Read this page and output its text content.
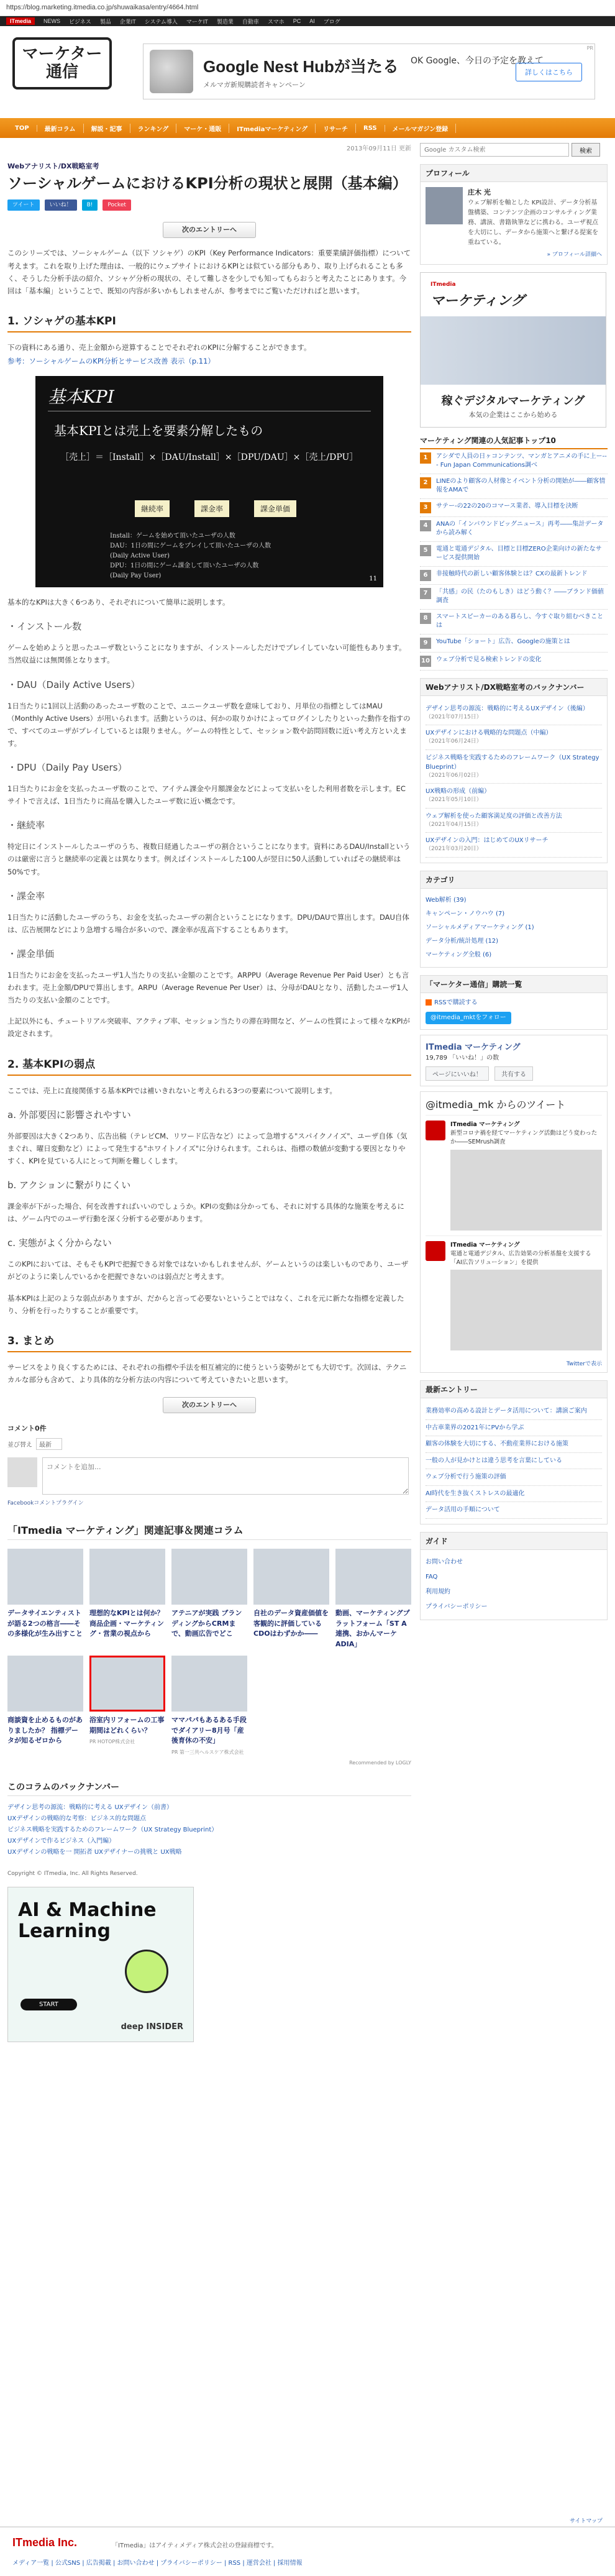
https://blog.marketing.itmedia.co.jp/shuwaikasa/entry/4664.html
ITmedia	NEWS ビジネス 製品 企業IT システム導入 マーケIT 製造業 自動車 スマホ PC AI ブログ
マーケター通信	Google Nest Hubが当たる
メルマガ新規購読者キャンペーン
OK Google、今日の予定を教えて
詳しくはこちら
PR
TOP	最新コラム	解説・記事	ランキング	マーケ・通販	ITmediaマーケティング	リサーチ	RSS	メールマガジン登録
2013年09月11日 更新
Webアナリスト/DX戦略室考
ソーシャルゲームにおけるKPI分析の現状と展開（基本編）
ツイート	いいね！	B!	Pocket
次のエントリーへ

このシリーズでは、ソーシャルゲーム（以下 ソシャゲ）のKPI（Key Performance Indicators：重要業績評価指標）について考えます。これを取り上げた理由は、一般的にウェブサイトにおけるKPIとは似ている部分もあり、取り上げられることも多く、そうした分析手法の紹介、ソシャゲ分析の現状の、そして難しさを少しでも知ってもらおうと考えたことにあります。今回は「基本編」ということで、既知の内容が多いかもしれませんが、参考までにご覧いただければと思います。

1. ソシャゲの基本KPI

下の資料にある通り、売上金額から逆算することでそれぞれのKPIに分解することができます。

参考：ソーシャルゲームのKPI分析とサービス改善 表示（p.11）

基本KPI
基本KPIとは売上を要素分解したもの
［売上］＝［Install］×［DAU/Install］×［DPU/DAU］×［売上/DPU］
継続率	課金率	課金単価
Install：ゲームを始めて頂いたユーザの人数
DAU：1日の間にゲームをプレイして頂いたユーザの人数
(Daily Active User)
DPU：1日の間にゲーム課金して頂いたユーザの人数
(Daily Pay User)	11

基本的なKPIは大きく6つあり、それぞれについて簡単に説明します。

・インストール数

ゲームを始めようと思ったユーザ数ということになりますが、インストールしただけでプレイしていない可能性もあります。当然収益には無関係となります。

・DAU（Daily Active Users）

1日当たりに1回以上活動のあったユーザ数のことで、ユニークユーザ数を意味しており、月単位の指標としてはMAU（Monthly Active Users）が用いられます。活動というのは、何かの取りかけによってログインしたりといった動作を指すので、すべてのユーザがプレイしているとは限りません。ゲームの特性として、セッション数や訪問回数に近い考え方といえます。

・DPU（Daily Pay Users）

1日当たりにお金を支払ったユーザ数のことで、アイテム課金や月額課金などによって支払いをした利用者数を示します。ECサイトで言えば、1日当たりに商品を購入したユーザ数に近い概念です。

・継続率

特定日にインストールしたユーザのうち、複数日経過したユーザの割合ということになります。資料にあるDAU/Installというのは厳密に言うと継続率の定義とは異なります。例えばインストールした100人が翌日に50人活動していればその継続率は50%です。

・課金率

1日当たりに活動したユーザのうち、お金を支払ったユーザの割合ということになります。DPU/DAUで算出します。DAU自体は、広告展開などにより急増する場合が多いので、課金率が乱高下することもあります。

・課金単価

1日当たりにお金を支払ったユーザ1人当たりの支払い金額のことです。ARPPU（Average Revenue Per Paid User）とも言われます。売上金額/DPUで算出します。ARPU（Average Revenue Per User）は、分母がDAUとなり、活動したユーザ1人当たりの支払い金額のことです。

上記以外にも、チュートリアル突破率、アクティブ率、セッション当たりの滞在時間など、ゲームの性質によって様々なKPIが設定されます。

2. 基本KPIの弱点

ここでは、売上に直接関係する基本KPIでは補いきれないと考えられる3つの要素について説明します。

a. 外部要因に影響されやすい

外部要因は大きく2つあり、広告出稿（テレビCM、リワード広告など）によって急増する"スパイクノイズ"、ユーザ自体（気まぐれ、曜日変動など）によって発生する"ホワイトノイズ"に分けられます。これらは、指標の数値が変動する要因となりやすく、KPIを見ている人にとって判断を難しくします。

b. アクションに繋がりにくい

課金率が下がった場合、何を改善すればいいのでしょうか。KPIの変動は分かっても、それに対する具体的な施策を考えるには、ゲーム内でのユーザ行動を深く分析する必要があります。

c. 実態がよく分からない

このKPIにおいては、そもそもKPIで把握できる対象ではないかもしれませんが、ゲームというのは楽しいものであり、ユーザがどのように楽しんでいるかを把握できないのは弱点だと考えます。

基本KPIは上記のような弱点がありますが、だからと言って必要ないということではなく、これを元に新たな指標を定義したり、分析を行ったりすることが重要です。

3. まとめ

サービスをより良くするためには、それぞれの指標や手法を相互補完的に使うという姿勢がとても大切です。次回は、テクニカルな部分も含めて、より具体的な分析方法の内容について考えていきたいと思います。

次のエントリーへ
コメント0件
並び替え 最新
コメントを追加...
Facebookコメントプラグイン
「ITmedia マーケティング」関連記事＆関連コラム
データサイエンティストが語る2つの格言――その多様化が生み出すこと
理想的なKPIとは何か？ 商品企画・マーケティング・営業の視点から
アテニアが実践 ブランディングからCRMまで、動画広告でどこ
自社のデータ資産価値を客観的に評価しているCDOはわずかか――
動画、マーケティングプラットフォーム「ST A連携、おかんマーケADIA」
商談資を止めるものがありましたか？ 指標データが知るゼロから
浴室内リフォームの工事期間はどれくらい？
PR HOTOP株式会社
ママパパもあるある手段でダイアリー8月号「産後育休の不安」
PR 第一三共ヘルスケア株式会社
Recommended by LOGLY
このコラムのバックナンバー
デザイン思考の源流：戦略的に考える UXデザイン（前書）
UXデザインの戦略的な考察：ビジネス的な問題点
ビジネス戦略を実践するためのフレームワーク（UX Strategy Blueprint）
UXデザインで作るビジネス（入門編）
UXデザインの戦略を一 開拓者 UXデザイナーの挑戦と UX戦略
Copyright © ITmedia, Inc. All Rights Reserved.
AI & Machine Learning
START
deep INSIDER
Google カスタム検索
検索
プロフィール
庄木 光
ウェブ解析を軸とした KPI設計、データ分析基盤構築、コンテンツ企画のコンサルティング業務、講演、書籍執筆などに携わる。ユーザ視点を大切にし、データから施策へと繋げる提案を重ねている。
» プロフィール詳細へ
ITmedia
マーケティング
稼ぐデジタルマーケティング
本気の企業はここから始める
マーケティング関連の人気記事トップ10
1	アシダで人員の日ヶコンテンツ、マンガとアニメの手に上ー--- Fun Japan Communications調べ
2	LINEのより顧客の人材像とイベント分析の開始が――顧客情報をAMAで
3	サテー-の22の20のコマース業者、導入目標を決断
4	ANAの「インバウンドビッグニュース」再考――集計データから読み解く
5	電通と電通デジタル、目標と目標ZERO企業向けの新たなサービス提供開始
6	非接触時代の新しい顧客体験とは？CXの最新トレンド
7	「共感」の民（たのもしき）はどう動く？――ブランド価値調査
8	スマートスピーカーのある暮らし、今すぐ取り組むべきことは
9	YouTube「ショート」広告、Googleの施策とは
10 ウェブ分析で見る検索トレンドの変化
Webアナリスト/DX戦略室考のバックナンバー
デザイン思考の源流：戦略的に考えるUXデザイン（後編）
（2021年07月15日）
UXデザインにおける戦略的な問題点（中編）
（2021年06月24日）
ビジネス戦略を実践するためのフレームワーク（UX Strategy Blueprint）
（2021年06月02日）
UX戦略の形成（前編）
（2021年05月10日）
ウェブ解析を使った顧客満足度の評価と改善方法
（2021年04月15日）
UXデザインの入門：はじめてのUXリサーチ
（2021年03月20日）
カテゴリ
Web解析 (39)
キャンペーン・ノウハウ (7)
ソーシャルメディアマーケティング (1)
データ分析/統計処理 (12)
マーケティング全般 (6)
「マーケター通信」購読一覧
RSSで購読する
@itmedia_mktをフォロー
ITmedia マーケティング
19,789 「いいね！」の数
ページにいいね！	共有する
@itmedia_mk からのツイート
ITmedia マーケティング
新型コロナ禍を経てマーケティング活動はどう変わったか――SEMrush調査
ITmedia マーケティング
電通と電通デジタル、広告効果の分析基盤を支援する「AI広告ソリューション」を提供
Twitterで表示
最新エントリー
業務効率の高める設計とデータ活用について：講演ご案内
中古車業界の2021年にPVから学ぶ
顧客の体験を大切にする、不動産業界における施策
一般の人が見かけとは違う思考を言葉にしている
ウェブ分析で行う施策の評価
AI時代を生き抜くストレスの最適化
データ活用の手順について
ガイド
お問い合わせ
FAQ
利用規約
プライバシーポリシー
サイトマップ
ITmedia Inc.	「ITmedia」はアイティメディア株式会社の登録商標です。
メディア一覧 | 公式SNS | 広告掲載 | お問い合わせ | プライバシーポリシー | RSS | 運営会社 | 採用情報
